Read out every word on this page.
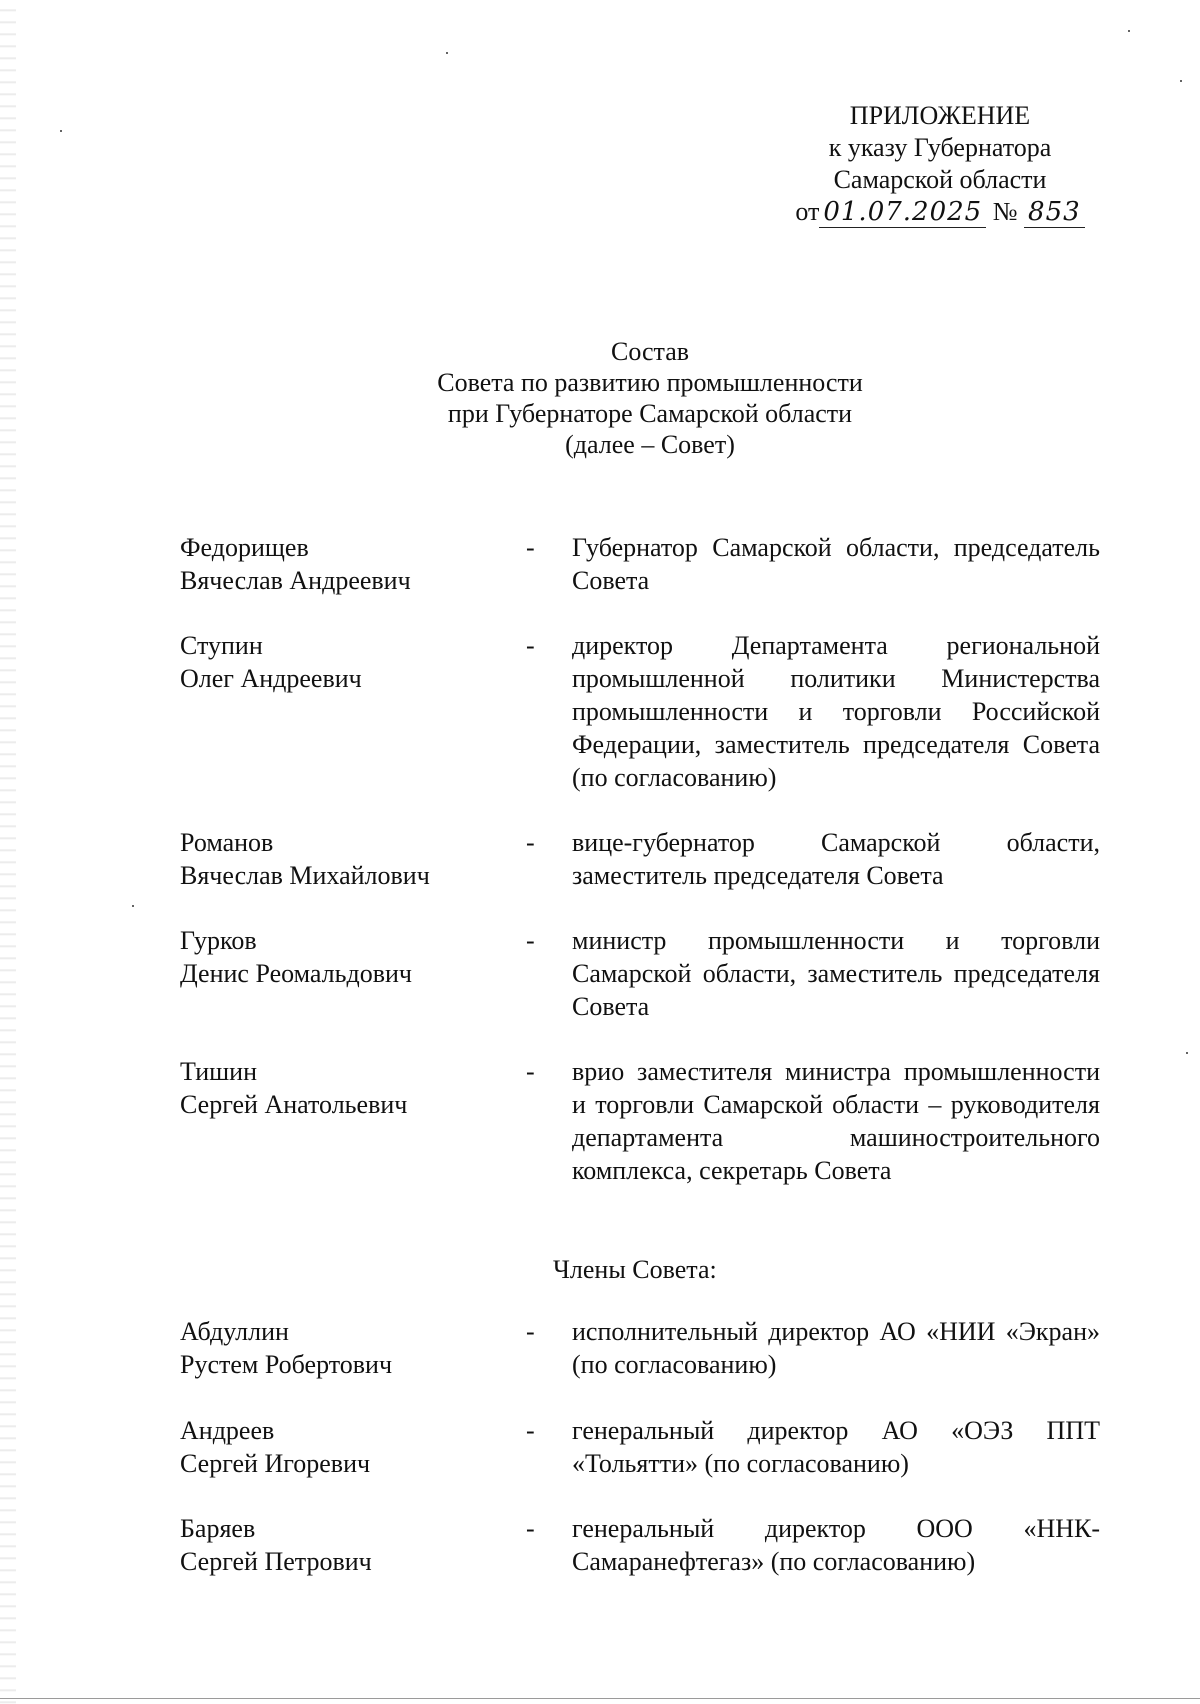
ПРИЛОЖЕНИЕ
к указу Губернатора
Самарской области
от 01.07.2025 № 853
Состав
Совета по развитию промышленности
при Губернаторе Самарской области
(далее – Совет)
Федорищев
Вячеслав Андреевич
-	Губернатор Самарской области, председатель Совета
Ступин
Олег Андреевич
-	директор Департамента региональной промышленной политики Министерства промышленности и торговли Российской Федерации, заместитель председателя Совета (по согласованию)
Романов
Вячеслав Михайлович
-	вице-губернатор Самарской области, заместитель председателя Совета
Гурков
Денис Реомальдович
-	министр промышленности и торговли Самарской области, заместитель председателя Совета
Тишин
Сергей Анатольевич
-	врио заместителя министра промышленности и торговли Самарской области – руководителя департамента машиностроительного комплекса, секретарь Совета
Члены Совета:
Абдуллин
Рустем Робертович
-	исполнительный директор АО «НИИ «Экран» (по согласованию)
Андреев
Сергей Игоревич
-	генеральный директор АО «ОЭЗ ППТ «Тольятти» (по согласованию)
Баряев
Сергей Петрович
-	генеральный директор ООО «ННК-Самаранефтегаз» (по согласованию)
